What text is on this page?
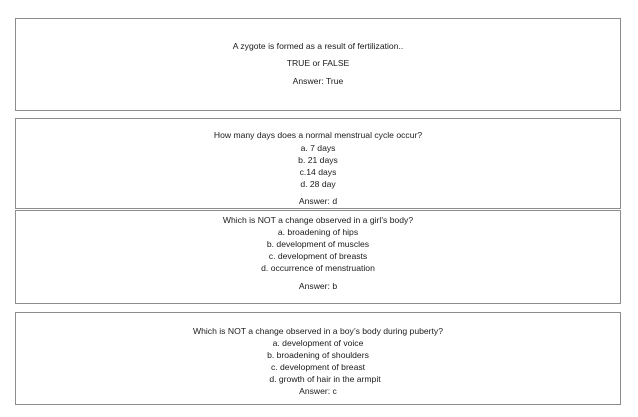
A zygote is formed as a result of fertilization..
TRUE or FALSE
Answer: True
How many days does a normal menstrual cycle occur?
a. 7 days
b. 21 days
c.14 days
d. 28 day
Answer: d
Which is NOT a change observed in a girl’s body?
a. broadening of hips
b. development of muscles
c. development of breasts
d. occurrence of menstruation
Answer: b
Which is NOT a change observed in a boy’s body during puberty?
a. development of voice
b. broadening of shoulders
c. development of breast
d. growth of hair in the armpit
Answer: c
